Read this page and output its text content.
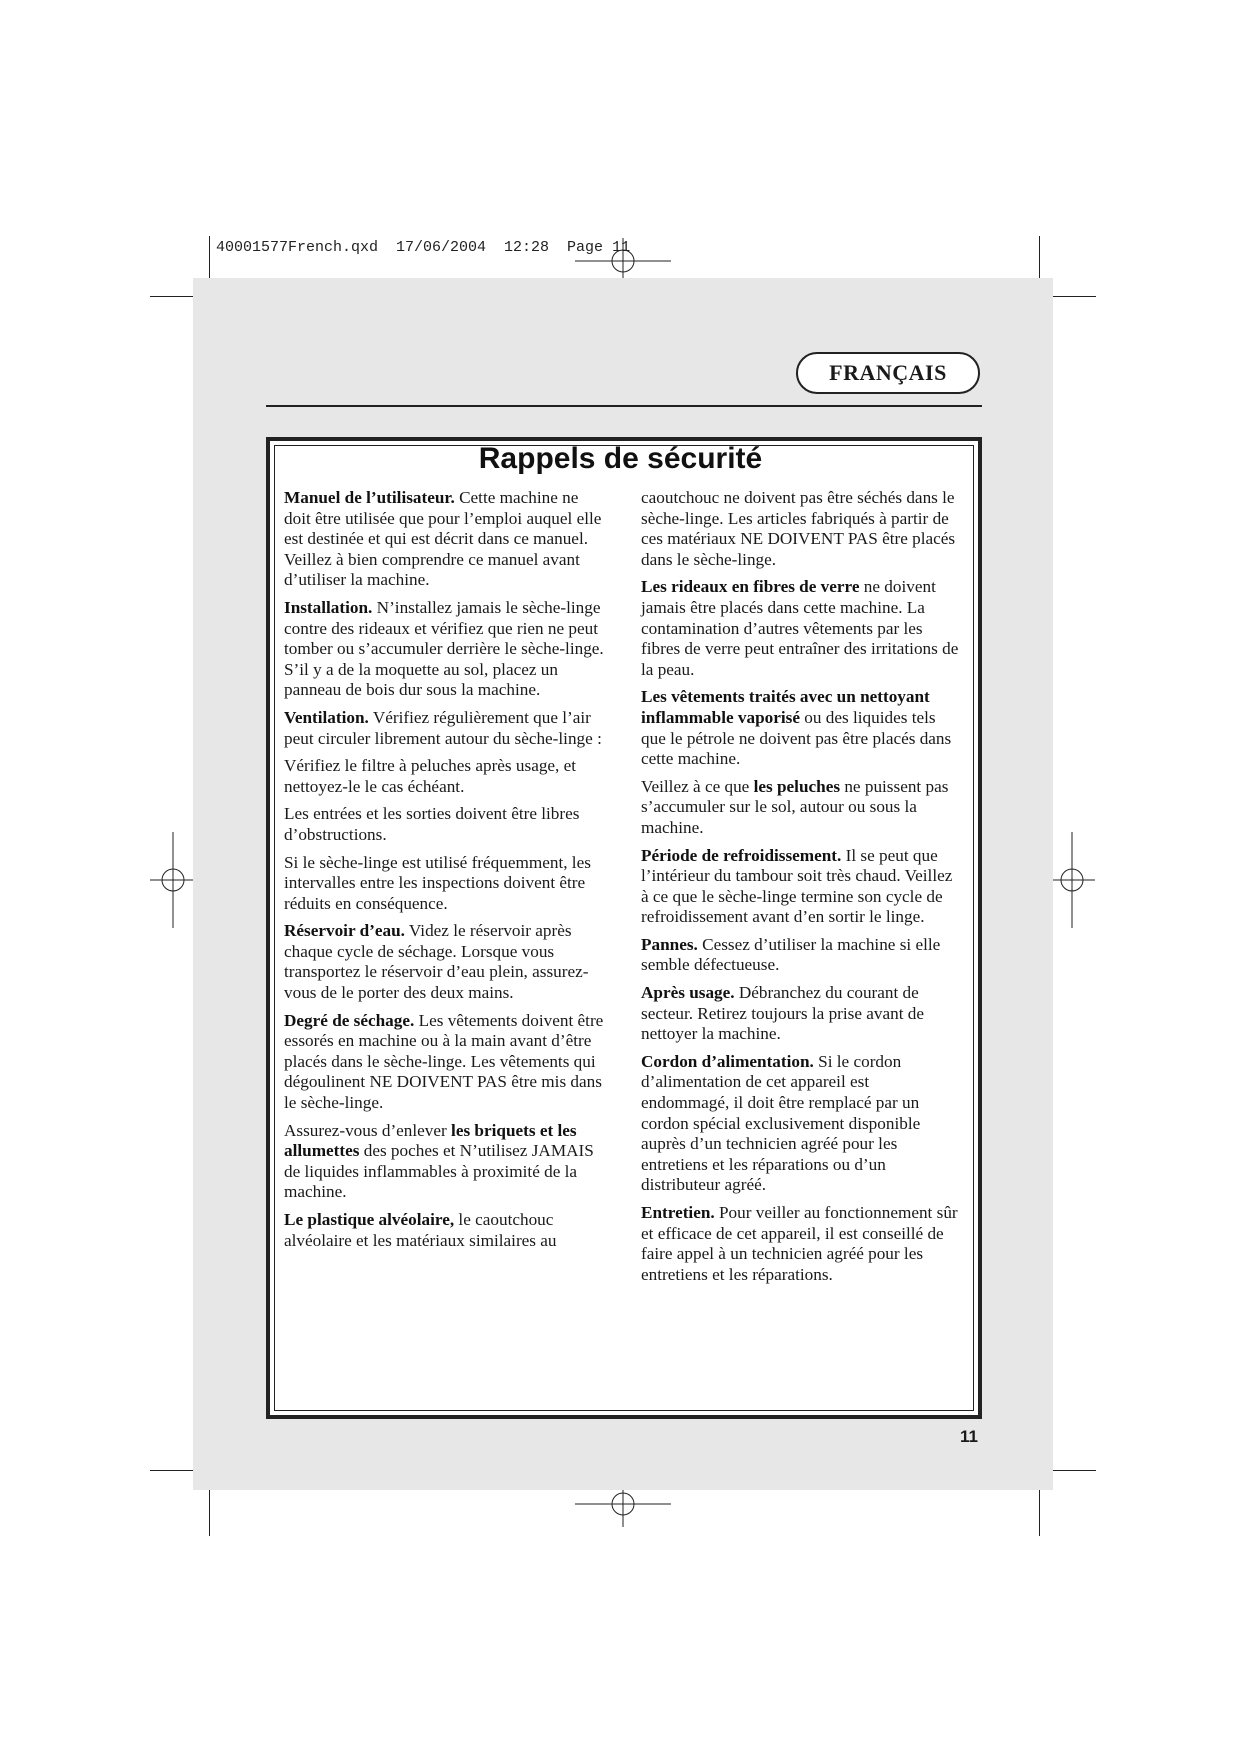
40001577French.qxd  17/06/2004  12:28  Page 11
FRANÇAIS
Rappels de sécurité

Manuel de l’utilisateur. Cette machine ne doit être utilisée que pour l’emploi auquel elle est destinée et qui est décrit dans ce manuel. Veillez à bien comprendre ce manuel avant d’utiliser la machine.

Installation. N’installez jamais le sèche-linge contre des rideaux et vérifiez que rien ne peut tomber ou s’accumuler derrière le sèche-linge. S’il y a de la moquette au sol, placez un panneau de bois dur sous la machine.

Ventilation. Vérifiez régulièrement que l’air peut circuler librement autour du sèche-linge :

Vérifiez le filtre à peluches après usage, et nettoyez-le le cas échéant.

Les entrées et les sorties doivent être libres d’obstructions.

Si le sèche-linge est utilisé fréquemment, les intervalles entre les inspections doivent être réduits en conséquence.

Réservoir d’eau. Videz le réservoir après chaque cycle de séchage. Lorsque vous transportez le réservoir d’eau plein, assurez-vous de le porter des deux mains.

Degré de séchage. Les vêtements doivent être essorés en machine ou à la main avant d’être placés dans le sèche-linge. Les vêtements qui dégoulinent NE DOIVENT PAS être mis dans le sèche-linge.

Assurez-vous d’enlever les briquets et les allumettes des poches et N’utilisez JAMAIS de liquides inflammables à proximité de la machine.

Le plastique alvéolaire, le caoutchouc alvéolaire et les matériaux similaires au

caoutchouc ne doivent pas être séchés dans le sèche-linge. Les articles fabriqués à partir de ces matériaux NE DOIVENT PAS être placés dans le sèche-linge.

Les rideaux en fibres de verre ne doivent jamais être placés dans cette machine. La contamination d’autres vêtements par les fibres de verre peut entraîner des irritations de la peau.

Les vêtements traités avec un nettoyant inflammable vaporisé ou des liquides tels que le pétrole ne doivent pas être placés dans cette machine.

Veillez à ce que les peluches ne puissent pas s’accumuler sur le sol, autour ou sous la machine.

Période de refroidissement. Il se peut que l’intérieur du tambour soit très chaud. Veillez à ce que le sèche-linge termine son cycle de refroidissement avant d’en sortir le linge.

Pannes. Cessez d’utiliser la machine si elle semble défectueuse.

Après usage. Débranchez du courant de secteur. Retirez toujours la prise avant de nettoyer la machine.

Cordon d’alimentation. Si le cordon d’alimentation de cet appareil est endommagé, il doit être remplacé par un cordon spécial exclusivement disponible auprès d’un technicien agréé pour les entretiens et les réparations ou d’un distributeur agréé.

Entretien. Pour veiller au fonctionnement sûr et efficace de cet appareil, il est conseillé de faire appel à un technicien agréé pour les entretiens et les réparations.

11
